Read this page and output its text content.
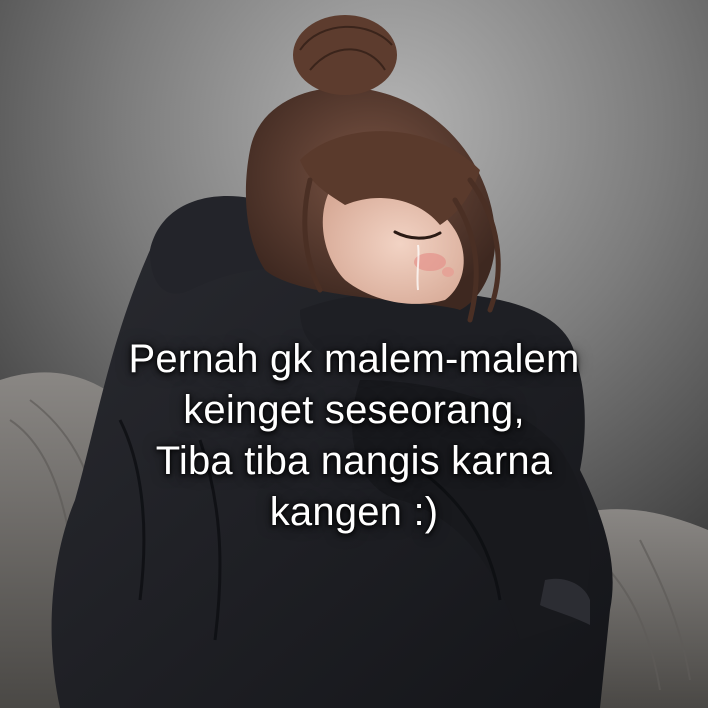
Pernah gk malem-malem
keinget seseorang,
Tiba tiba nangis karna
kangen :)
